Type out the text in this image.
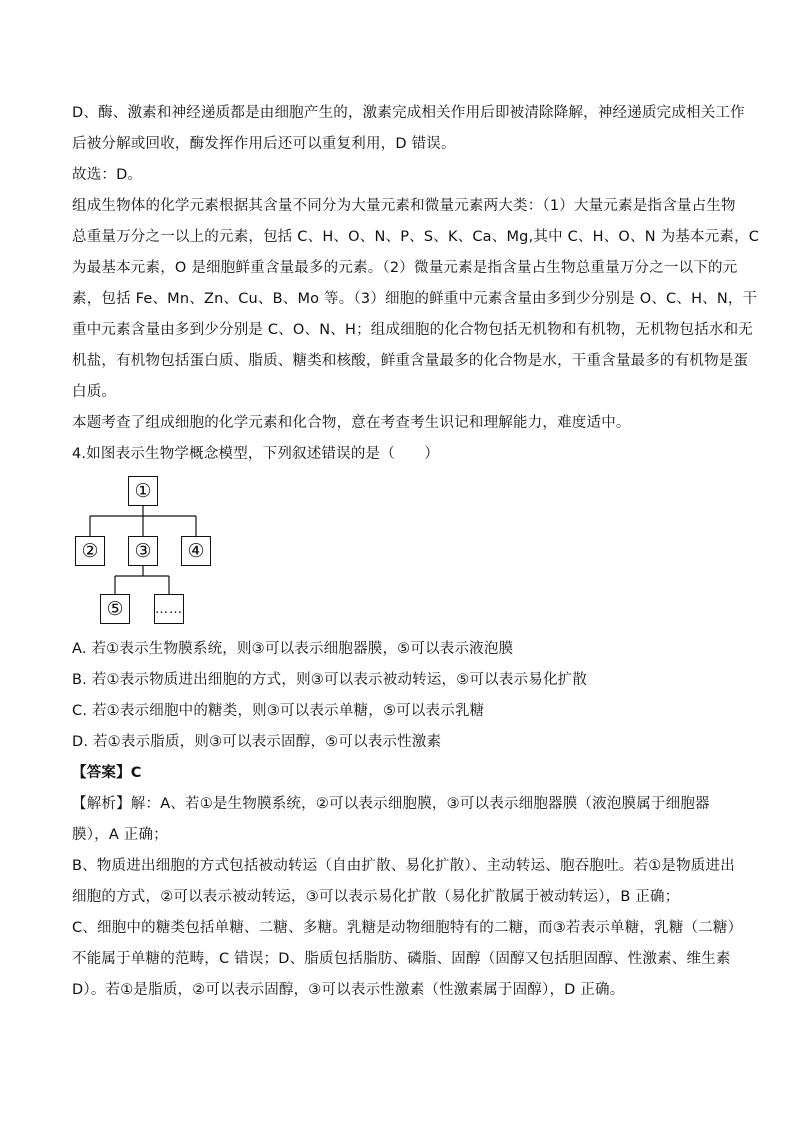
D、酶、激素和神经递质都是由细胞产生的，激素完成相关作用后即被清除降解，神经递质完成相关工作
后被分解或回收，酶发挥作用后还可以重复利用，D 错误。
故选：D。
组成生物体的化学元素根据其含量不同分为大量元素和微量元素两大类：（1）大量元素是指含量占生物
总重量万分之一以上的元素，包括 C、H、O、N、P、S、K、Ca、Mg,其中 C、H、O、N 为基本元素，C
为最基本元素，O 是细胞鲜重含量最多的元素。（2）微量元素是指含量占生物总重量万分之一以下的元
素，包括 Fe、Mn、Zn、Cu、B、Mo 等。（3）细胞的鲜重中元素含量由多到少分别是 O、C、H、N，干
重中元素含量由多到少分别是 C、O、N、H；组成细胞的化合物包括无机物和有机物，无机物包括水和无
机盐，有机物包括蛋白质、脂质、糖类和核酸，鲜重含量最多的化合物是水，干重含量最多的有机物是蛋
白质。
本题考查了组成细胞的化学元素和化合物，意在考查考生识记和理解能力，难度适中。
4.如图表示生物学概念模型，下列叙述错误的是（　　）
①
②	③	④
⑤	……
A. 若①表示生物膜系统，则③可以表示细胞器膜，⑤可以表示液泡膜
B. 若①表示物质进出细胞的方式，则③可以表示被动转运，⑤可以表示易化扩散
C. 若①表示细胞中的糖类，则③可以表示单糖，⑤可以表示乳糖
D. 若①表示脂质，则③可以表示固醇，⑤可以表示性激素
【答案】C
【解析】解：A、若①是生物膜系统，②可以表示细胞膜，③可以表示细胞器膜（液泡膜属于细胞器
膜），A 正确；
B、物质进出细胞的方式包括被动转运（自由扩散、易化扩散）、主动转运、胞吞胞吐。若①是物质进出
细胞的方式，②可以表示被动转运，③可以表示易化扩散（易化扩散属于被动转运），B 正确；
C、细胞中的糖类包括单糖、二糖、多糖。乳糖是动物细胞特有的二糖，而③若表示单糖，乳糖（二糖）
不能属于单糖的范畴，C 错误；D、脂质包括脂肪、磷脂、固醇（固醇又包括胆固醇、性激素、维生素
D）。若①是脂质，②可以表示固醇，③可以表示性激素（性激素属于固醇），D 正确。
